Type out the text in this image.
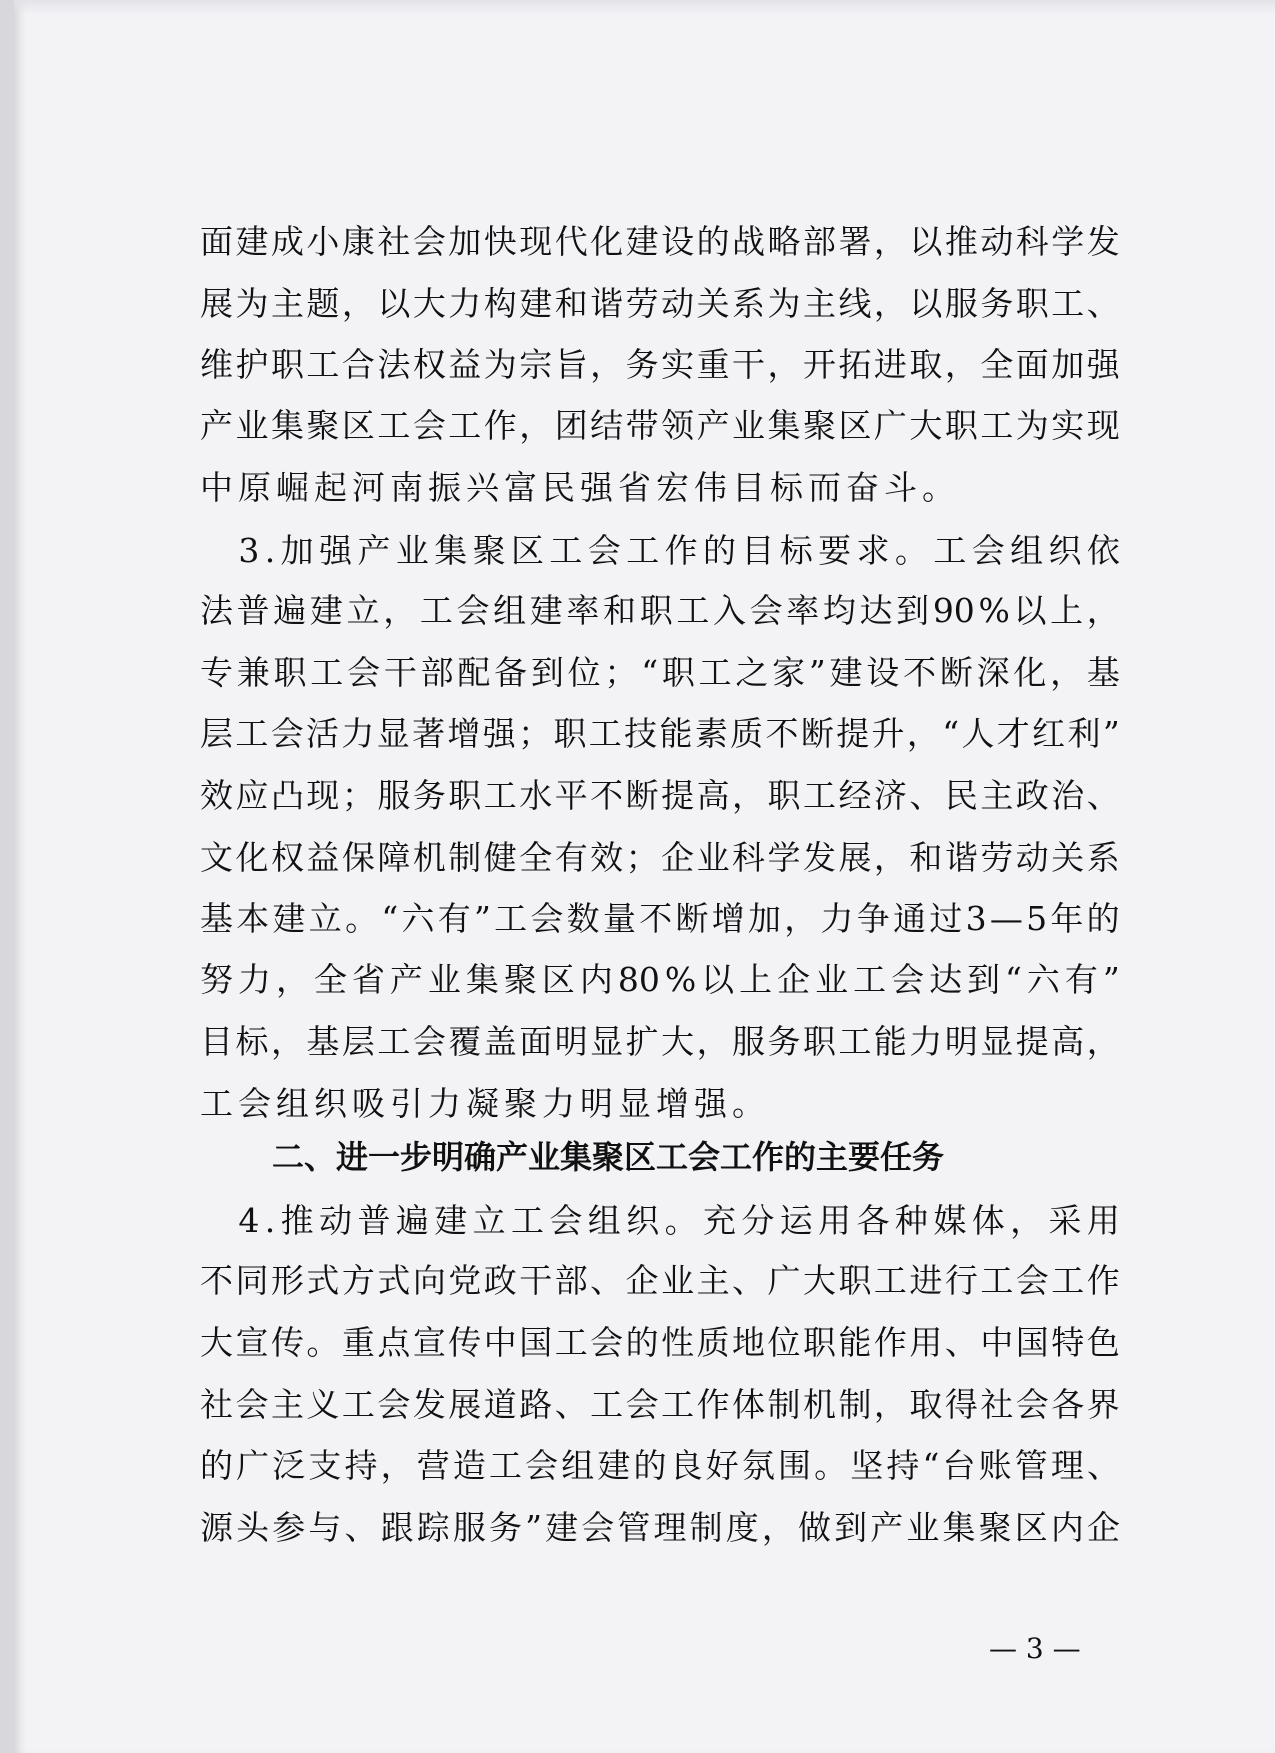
面 建 成 小 康 社 会 加 快 现 代 化 建 设 的 战 略 部 署 ， 以 推 动 科 学 发
展 为 主 题 ， 以 大 力 构 建 和 谐 劳 动 关 系 为 主 线 ， 以 服 务 职 工 、
维 护 职 工 合 法 权 益 为 宗 旨 ， 务 实 重 干 ， 开 拓 进 取 ， 全 面 加 强
产 业 集 聚 区 工 会 工 作 ， 团 结 带 领 产 业 集 聚 区 广 大 职 工 为 实 现
中原崛起河南振兴富民强省宏伟目标而奋斗。

3 . 加 强 产 业 集 聚 区 工 会 工 作 的 目 标 要 求 。 工 会 组 织 依
法 普 遍 建 立 ， 工 会 组 建 率 和 职 工 入 会 率 均 达 到 90 % 以 上 ，
专 兼 职 工 会 干 部 配 备 到 位 ； “ 职 工 之 家 ” 建 设 不 断 深 化 ， 基
层 工 会 活 力 显 著 增 强 ； 职 工 技 能 素 质 不 断 提 升 ， “ 人 才 红 利 ”
效 应 凸 现 ； 服 务 职 工 水 平 不 断 提 高 ， 职 工 经 济 、 民 主 政 治 、
文 化 权 益 保 障 机 制 健 全 有 效 ； 企 业 科 学 发 展 ， 和 谐 劳 动 关 系
基 本 建 立 。 “ 六 有 ” 工 会 数 量 不 断 增 加 ， 力 争 通 过 3 — 5 年 的
努 力 ， 全 省 产 业 集 聚 区 内 80 % 以 上 企 业 工 会 达 到 “ 六 有 ”
目 标 ， 基 层 工 会 覆 盖 面 明 显 扩 大 ， 服 务 职 工 能 力 明 显 提 高 ，
工会组织吸引力凝聚力明显增强。
二、进一步明确产业集聚区工会工作的主要任务

4 . 推 动 普 遍 建 立 工 会 组 织 。 充 分 运 用 各 种 媒 体 ， 采 用
不 同 形 式 方 式 向 党 政 干 部 、 企 业 主 、 广 大 职 工 进 行 工 会 工 作
大 宣 传 。 重 点 宣 传 中 国 工 会 的 性 质 地 位 职 能 作 用 、 中 国 特 色
社 会 主 义 工 会 发 展 道 路 、 工 会 工 作 体 制 机 制 ， 取 得 社 会 各 界
的 广 泛 支 持 ， 营 造 工 会 组 建 的 良 好 氛 围 。 坚 持 “ 台 账 管 理 、
源 头 参 与 、 跟 踪 服 务 ” 建 会 管 理 制 度 ， 做 到 产 业 集 聚 区 内 企
— 3 —
